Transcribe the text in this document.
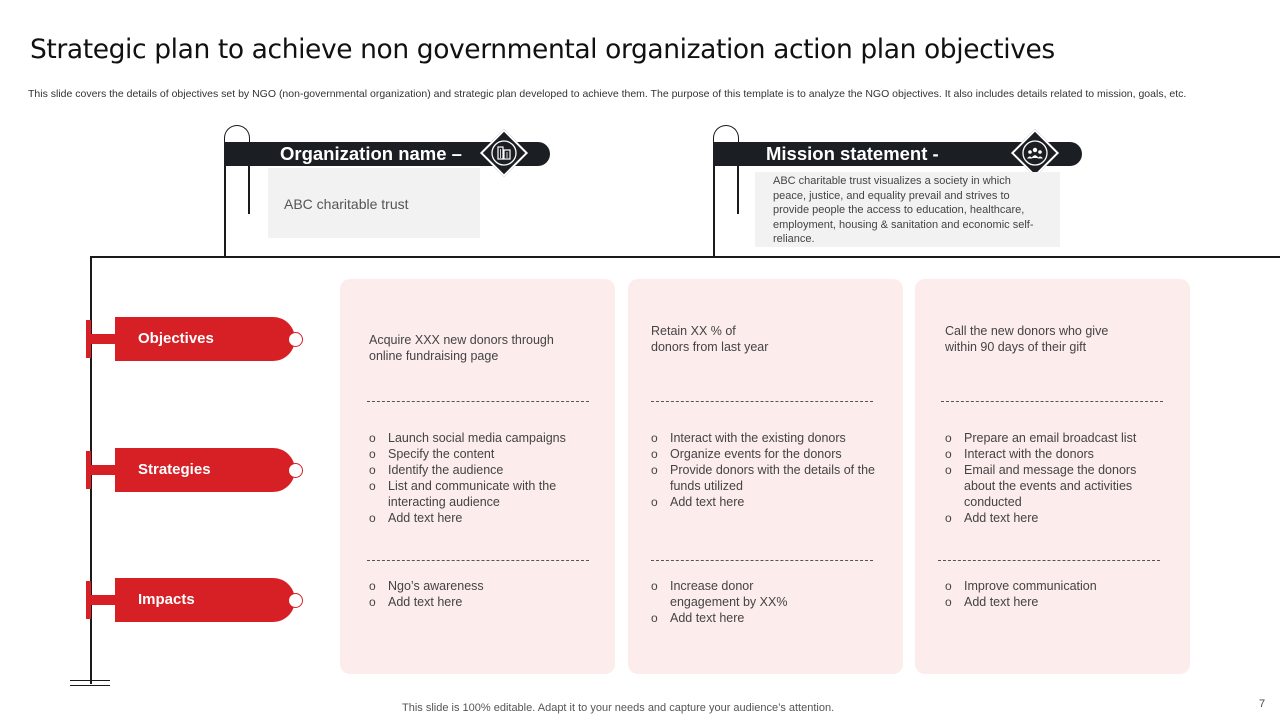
Strategic plan to achieve non governmental organization action plan objectives
This slide covers the details of objectives set by NGO (non-governmental organization) and strategic plan developed to achieve them. The purpose of this template is to analyze the NGO objectives. It also includes details related to mission, goals, etc.
Organization name –
ABC charitable trust
Mission statement -
ABC charitable trust visualizes a society in which peace, justice, and equality prevail and strives to provide people the access to education, healthcare, employment, housing & sanitation and economic self-reliance.
Objectives
Strategies
Impacts
Acquire XXX new donors through
online fundraising page
o Launch social media campaigns
o Specify the content
o Identify the audience
o List and communicate with the interacting audience
o Add text here
o Ngo’s awareness
o Add text here
Retain XX % of
donors from last year
o Interact with the existing donors
o Organize events for the donors
o Provide donors with the details of the funds utilized
o Add text here
o Increase donor engagement by XX%
o Add text here
Call the new donors who give
within 90 days of their gift
o Prepare an email broadcast list
o Interact with the donors
o Email and message the donors about the events and activities conducted
o Add text here
o Improve communication
o Add text here
This slide is 100% editable. Adapt it to your needs and capture your audience’s attention.	7
